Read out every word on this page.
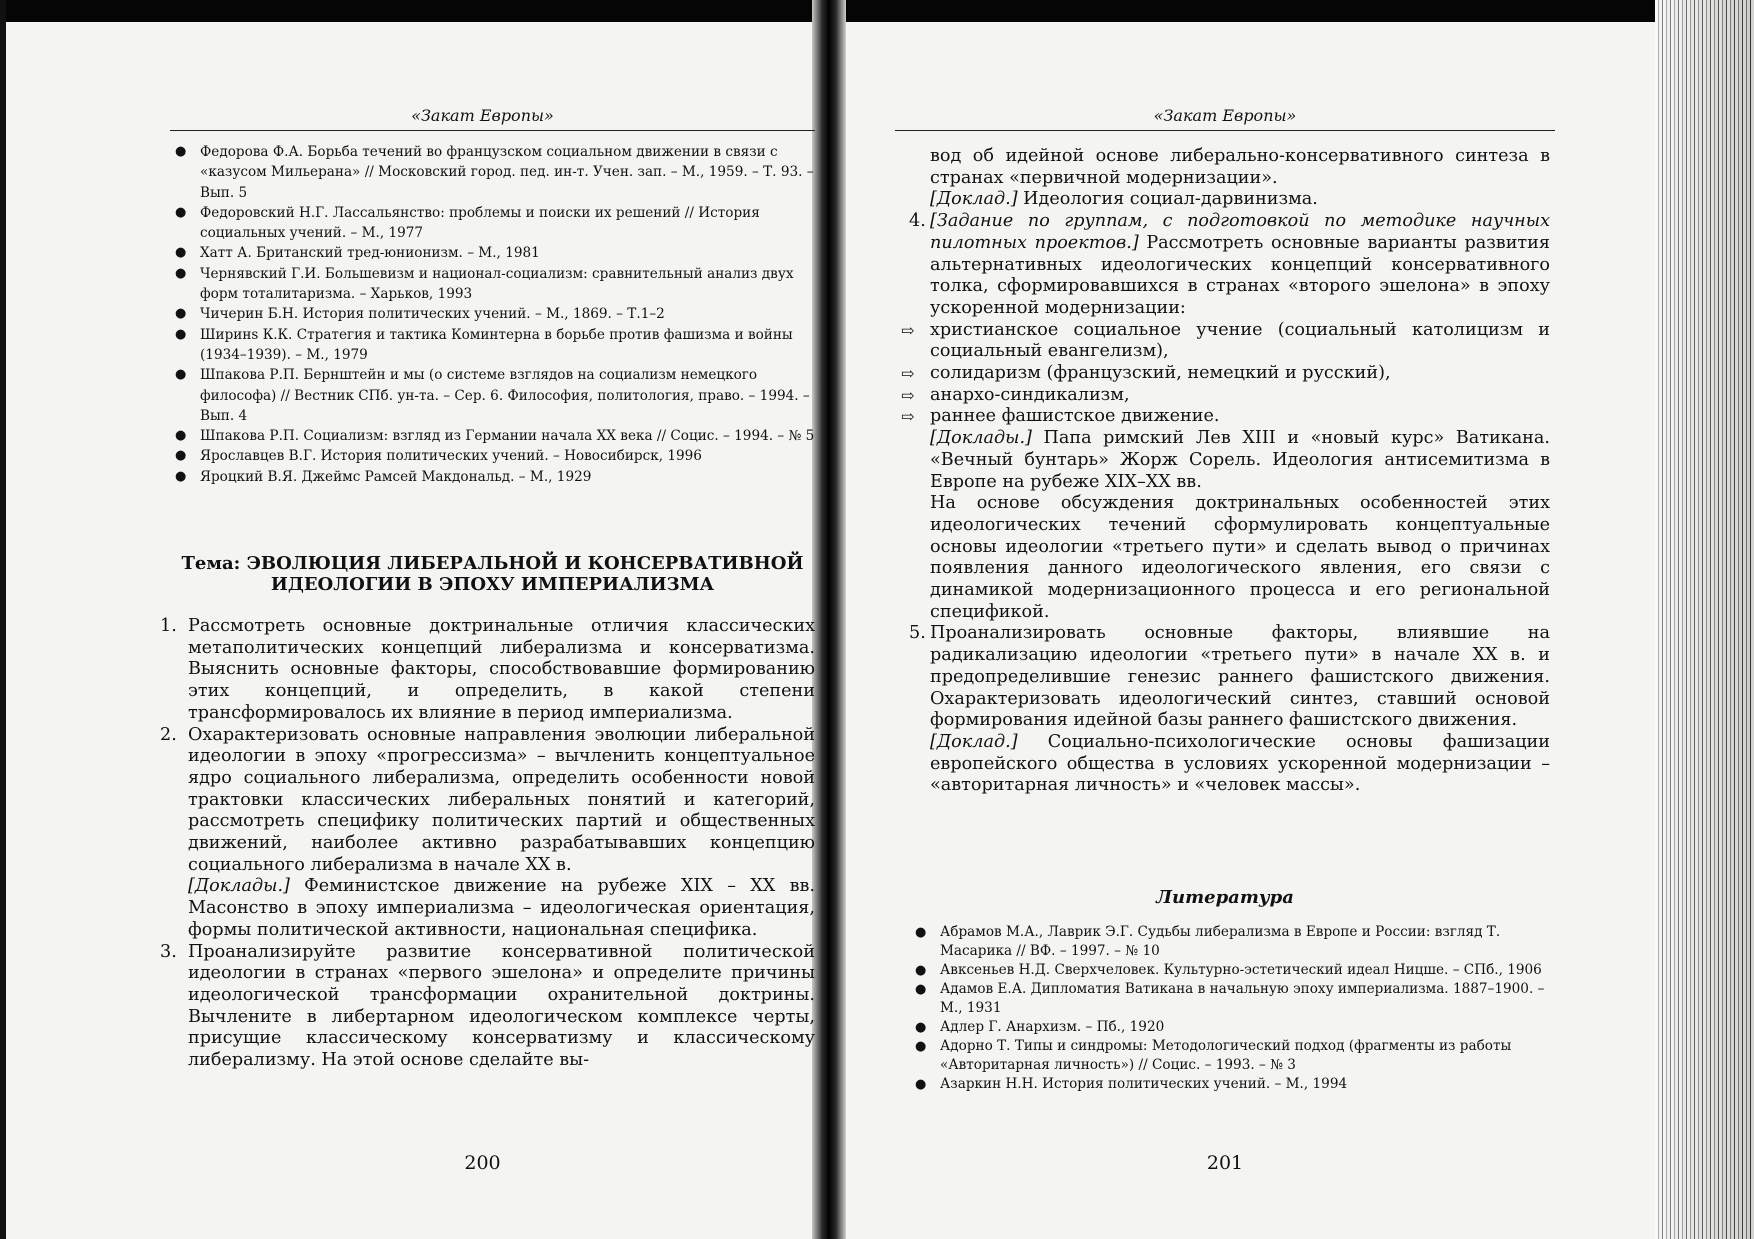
«Закат Европы»
● Федорова Ф.А. Борьба течений во французском социальном движении в связи с «казусом Мильерана» // Московский город. пед. ин-т. Учен. зап. – М., 1959. – Т. 93. – Вып. 5
● Федоровский Н.Г. Лассальянство: проблемы и поиски их решений // История социальных учений. – М., 1977
● Хатт А. Британский тред-юнионизм. – М., 1981
● Чернявский Г.И. Большевизм и национал-социализм: сравнительный анализ двух форм тоталитаризма. – Харьков, 1993
● Чичерин Б.Н. История политических учений. – М., 1869. – Т.1–2
● Ширинs К.К. Стратегия и тактика Коминтерна в борьбе против фашизма и войны (1934–1939). – М., 1979
● Шпакова Р.П. Бернштейн и мы (о системе взглядов на социализм немецкого философа) // Вестник СПб. ун-та. – Сер. 6. Философия, политология, право. – 1994. – Вып. 4
● Шпакова Р.П. Социализм: взгляд из Германии начала XX века // Социс. – 1994. – № 5
● Ярославцев В.Г. История политических учений. – Новосибирск, 1996
● Яроцкий В.Я. Джеймс Рамсей Макдональд. – М., 1929
Тема: ЭВОЛЮЦИЯ ЛИБЕРАЛЬНОЙ И КОНСЕРВАТИВНОЙ
ИДЕОЛОГИИ В ЭПОХУ ИМПЕРИАЛИЗМА
1. Рассмотреть основные доктринальные отличия классических метаполитических концепций либерализма и консерватизма. Выяснить основные факторы, способствовавшие формированию этих концепций, и определить, в какой степени трансформировалось их влияние в период империализма.

2. Охарактеризовать основные направления эволюции либеральной идеологии в эпоху «прогрессизма» – вычленить концептуальное ядро социального либерализма, определить особенности новой трактовки классических либеральных понятий и категорий, рассмотреть специфику политических партий и общественных движений, наиболее активно разрабатывавших концепцию социального либерализма в начале XX в.

[Доклады.] Феминистское движение на рубеже XIX – XX вв. Масонство в эпоху империализма – идеологическая ориентация, формы политической активности, национальная специфика.

3. Проанализируйте развитие консервативной политической идеологии в странах «первого эшелона» и определите причины идеологической трансформации охранительной доктрины. Вычлените в либертарном идеологическом комплексе черты, присущие классическому консерватизму и классическому либерализму. На этой основе сделайте вы-

200
«Закат Европы»

вод об идейной основе либерально-консервативного синтеза в странах «первичной модернизации».

[Доклад.] Идеология социал-дарвинизма.

4. [Задание по группам, с подготовкой по методике научных пилотных проектов.] Рассмотреть основные варианты развития альтернативных идеологических концепций консервативного толка, сформировавшихся в странах «второго эшелона» в эпоху ускоренной модернизации:

⇨ христианское социальное учение (социальный католицизм и социальный евангелизм),
⇨ солидаризм (французский, немецкий и русский),
⇨ анархо-синдикализм,
⇨ раннее фашистское движение.

[Доклады.] Папа римский Лев XIII и «новый курс» Ватикана. «Вечный бунтарь» Жорж Сорель. Идеология антисемитизма в Европе на рубеже XIX–XX вв.

На основе обсуждения доктринальных особенностей этих идеологических течений сформулировать концептуальные основы идеологии «третьего пути» и сделать вывод о причинах появления данного идеологического явления, его связи с динамикой модернизационного процесса и его региональной спецификой.

5. Проанализировать основные факторы, влиявшие на радикализацию идеологии «третьего пути» в начале XX в. и предопределившие генезис раннего фашистского движения. Охарактеризовать идеологический синтез, ставший основой формирования идейной базы раннего фашистского движения.

[Доклад.] Социально-психологические основы фашизации европейского общества в условиях ускоренной модернизации – «авторитарная личность» и «человек массы».

Литература
● Абрамов М.А., Лаврик Э.Г. Судьбы либерализма в Европе и России: взгляд Т. Масарика // ВФ. – 1997. – № 10
● Авксеньев Н.Д. Сверхчеловек. Культурно-эстетический идеал Ницше. – СПб., 1906
● Адамов Е.А. Дипломатия Ватикана в начальную эпоху империализма. 1887–1900. – М., 1931
● Адлер Г. Анархизм. – Пб., 1920
● Адорно Т. Типы и синдромы: Методологический подход (фрагменты из работы «Авторитарная личность») // Социс. – 1993. – № 3
● Азаркин Н.Н. История политических учений. – М., 1994
201
